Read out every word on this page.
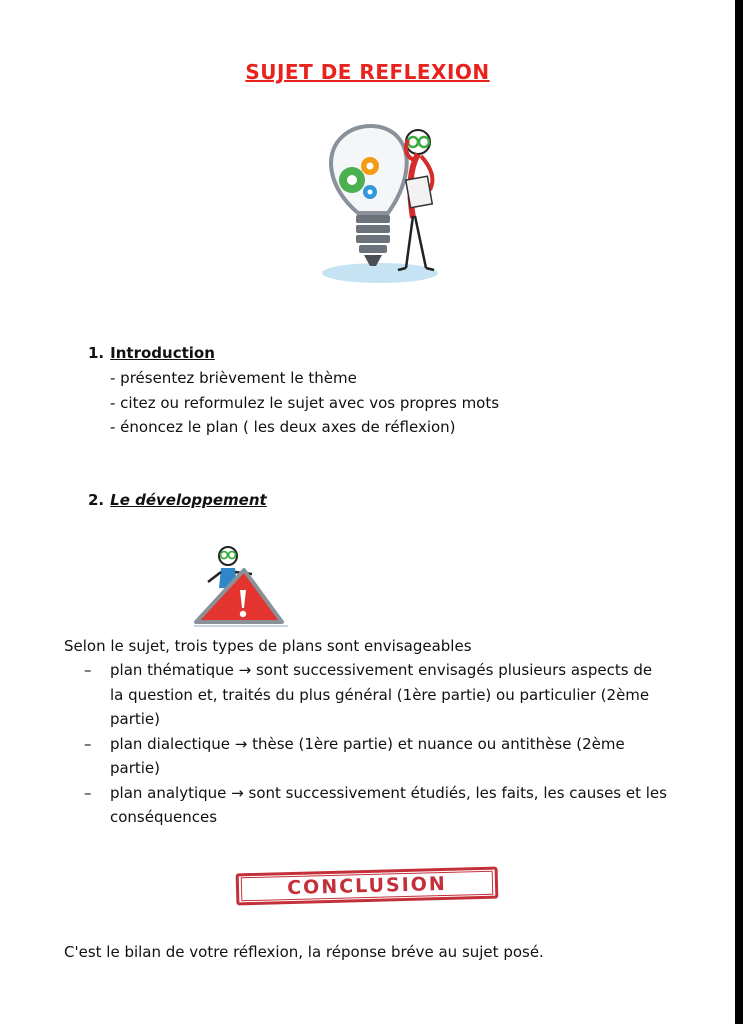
SUJET DE REFLEXION
1. Introduction
- présentez brièvement le thème
- citez ou reformulez le sujet avec vos propres mots
- énoncez le plan ( les deux axes de réflexion)
2. Le développement

Selon le sujet, trois types de plans sont envisageables

– plan thématique → sont successivement envisagés plusieurs aspects de la question et, traités du plus général (1ère partie) ou particulier (2ème partie)
– plan dialectique → thèse (1ère partie) et nuance ou antithèse (2ème partie)
– plan analytique → sont successivement étudiés, les faits, les causes et les conséquences
CONCLUSION

C'est le bilan de votre réflexion, la réponse bréve au sujet posé.
